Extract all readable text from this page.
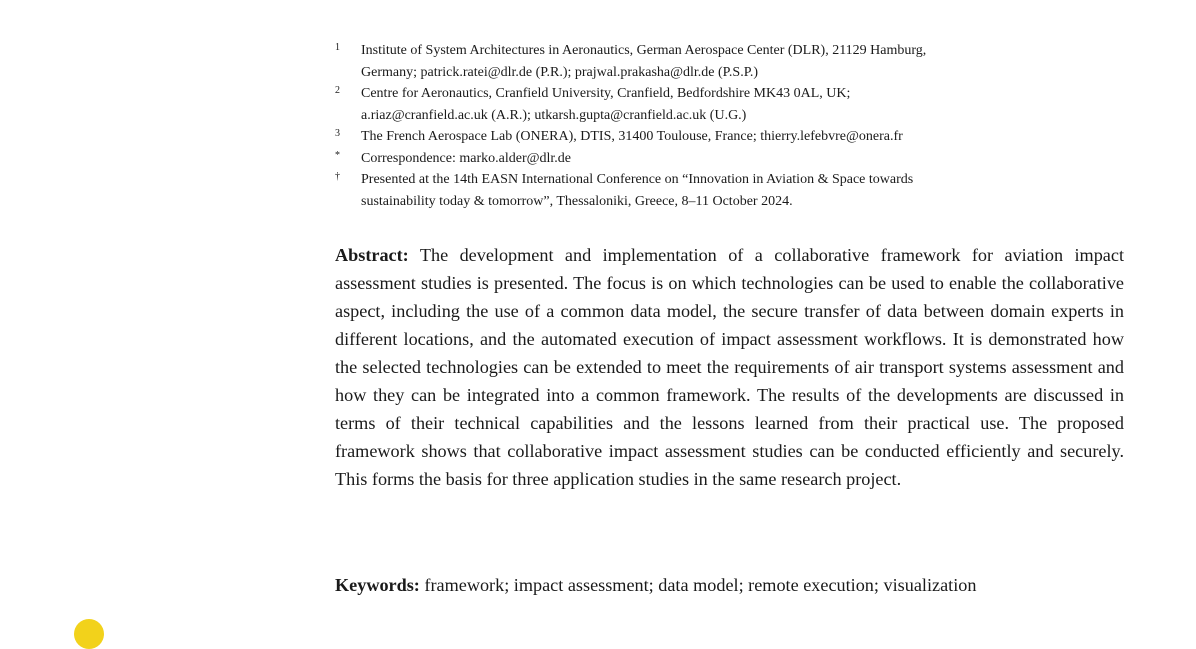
1 Institute of System Architectures in Aeronautics, German Aerospace Center (DLR), 21129 Hamburg,
Germany; patrick.ratei@dlr.de (P.R.); prajwal.prakasha@dlr.de (P.S.P.)
2 Centre for Aeronautics, Cranfield University, Cranfield, Bedfordshire MK43 0AL, UK;
a.riaz@cranfield.ac.uk (A.R.); utkarsh.gupta@cranfield.ac.uk (U.G.)
3 The French Aerospace Lab (ONERA), DTIS, 31400 Toulouse, France; thierry.lefebvre@onera.fr
* Correspondence: marko.alder@dlr.de
† Presented at the 14th EASN International Conference on “Innovation in Aviation & Space towards
sustainability today & tomorrow”, Thessaloniki, Greece, 8–11 October 2024.
Abstract: The development and implementation of a collaborative framework for aviation impact assessment studies is presented. The focus is on which technologies can be used to enable the collaborative aspect, including the use of a common data model, the secure transfer of data between domain experts in different locations, and the automated execution of impact assessment workflows. It is demonstrated how the selected technologies can be extended to meet the requirements of air transport systems assessment and how they can be integrated into a common framework. The results of the developments are discussed in terms of their technical capabilities and the lessons learned from their practical use. The proposed framework shows that collaborative impact assessment studies can be conducted efficiently and securely. This forms the basis for three application studies in the same research project.
Keywords: framework; impact assessment; data model; remote execution; visualization
